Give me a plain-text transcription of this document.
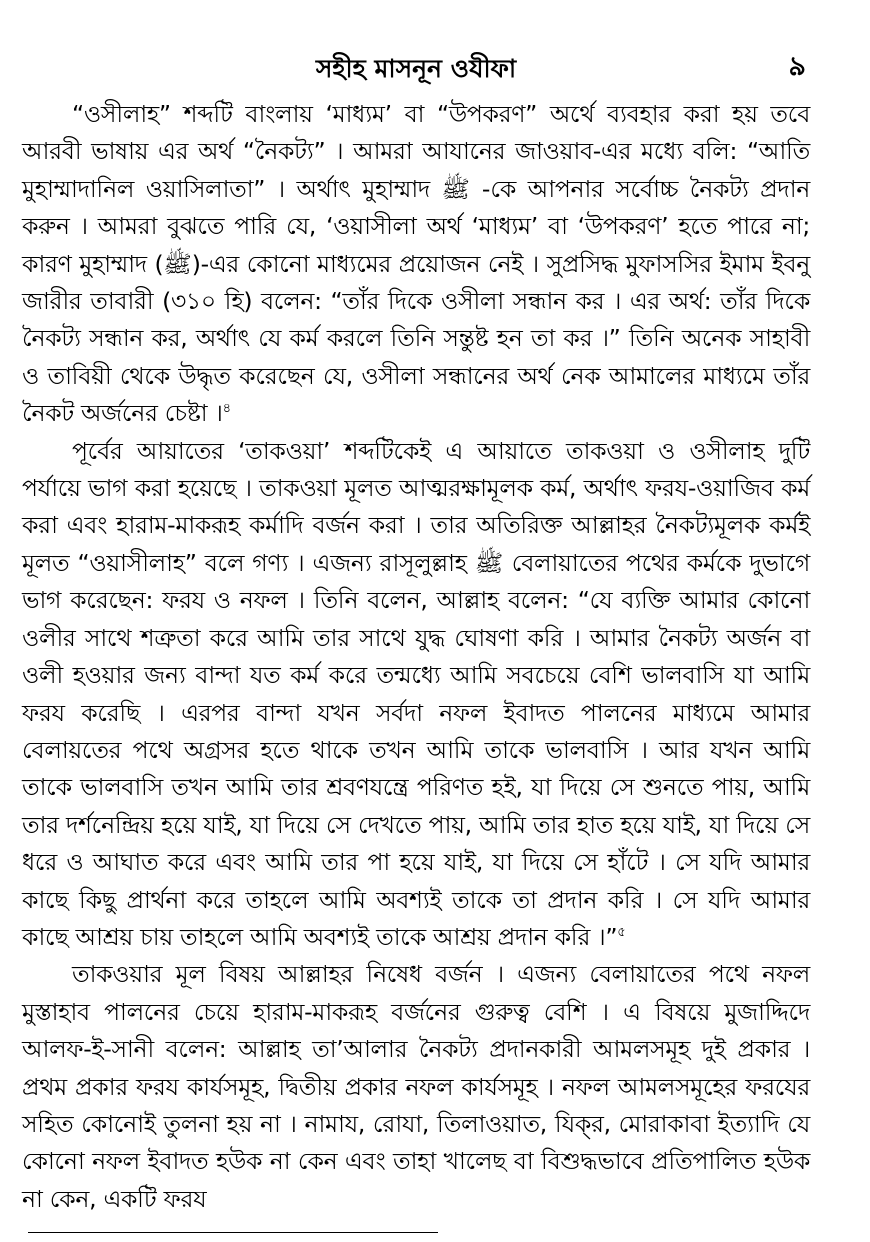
সহীহ মাসনূন ওযীফা	৯

“ওসীলাহ” শব্দটি বাংলায় ‘মাধ্যম’ বা “উপকরণ” অর্থে ব্যবহার করা হয় তবে আরবী ভাষায় এর অর্থ “নৈকট্য” । আমরা আযানের জাওয়াব-এর মধ্যে বলি: “আতি মুহাম্মাদানিল ওয়াসিলাতা” । অর্থাৎ মুহাম্মাদ ﷺ -কে আপনার সর্বোচ্চ নৈকট্য প্রদান করুন । আমরা বুঝতে পারি যে, ‘ওয়াসীলা অর্থ ‘মাধ্যম’ বা ‘উপকরণ’ হতে পারে না; কারণ মুহাম্মাদ (ﷺ)-এর কোনো মাধ্যমের প্রয়োজন নেই । সুপ্রসিদ্ধ মুফাসসির ইমাম ইবনু জারীর তাবারী (৩১০ হি) বলেন: “তাঁর দিকে ওসীলা সন্ধান কর । এর অর্থ: তাঁর দিকে নৈকট্য সন্ধান কর, অর্থাৎ যে কর্ম করলে তিনি সন্তুষ্ট হন তা কর ।” তিনি অনেক সাহাবী ও তাবিয়ী থেকে উদ্ধৃত করেছেন যে, ওসীলা সন্ধানের অর্থ নেক আমালের মাধ্যমে তাঁর নৈকট অর্জনের চেষ্টা ।$^৪$

পূর্বের আয়াতের ‘তাকওয়া’ শব্দটিকেই এ আয়াতে তাকওয়া ও ওসীলাহ দুটি পর্যায়ে ভাগ করা হয়েছে । তাকওয়া মূলত আত্মরক্ষামূলক কর্ম, অর্থাৎ ফরয-ওয়াজিব কর্ম করা এবং হারাম-মাকরূহ কর্মাদি বর্জন করা । তার অতিরিক্ত আল্লাহর নৈকট্যমূলক কর্মই মূলত “ওয়াসীলাহ” বলে গণ্য । এজন্য রাসূলুল্লাহ ﷺ বেলায়াতের পথের কর্মকে দুভাগে ভাগ করেছেন: ফরয ও নফল । তিনি বলেন, আল্লাহ বলেন: “যে ব্যক্তি আমার কোনো ওলীর সাথে শত্রুতা করে আমি তার সাথে যুদ্ধ ঘোষণা করি । আমার নৈকট্য অর্জন বা ওলী হওয়ার জন্য বান্দা যত কর্ম করে তন্মধ্যে আমি সবচেয়ে বেশি ভালবাসি যা আমি ফরয করেছি । এরপর বান্দা যখন সর্বদা নফল ইবাদত পালনের মাধ্যমে আমার বেলায়তের পথে অগ্রসর হতে থাকে তখন আমি তাকে ভালবাসি । আর যখন আমি তাকে ভালবাসি তখন আমি তার শ্রবণযন্ত্রে পরিণত হই, যা দিয়ে সে শুনতে পায়, আমি তার দর্শনেন্দ্রিয় হয়ে যাই, যা দিয়ে সে দেখতে পায়, আমি তার হাত হয়ে যাই, যা দিয়ে সে ধরে ও আঘাত করে এবং আমি তার পা হয়ে যাই, যা দিয়ে সে হাঁটে । সে যদি আমার কাছে কিছু প্রার্থনা করে তাহলে আমি অবশ্যই তাকে তা প্রদান করি । সে যদি আমার কাছে আশ্রয় চায় তাহলে আমি অবশ্যই তাকে আশ্রয় প্রদান করি ।”$^৫$

তাকওয়ার মূল বিষয় আল্লাহর নিষেধ বর্জন । এজন্য বেলায়াতের পথে নফল মুস্তাহাব পালনের চেয়ে হারাম-মাকরূহ বর্জনের গুরুত্ব বেশি । এ বিষয়ে মুজাদ্দিদে আলফ-ই-সানী বলেন: আল্লাহ তা’আলার নৈকট্য প্রদানকারী আমলসমূহ দুই প্রকার । প্রথম প্রকার ফরয কার্যসমূহ, দ্বিতীয় প্রকার নফল কার্যসমূহ । নফল আমলসমূহের ফরযের সহিত কোনোই তুলনা হয় না । নামায, রোযা, তিলাওয়াত, যিক্‌র, মোরাকাবা ইত্যাদি যে কোনো নফল ইবাদত হউক না কেন এবং তাহা খালেছ বা বিশুদ্ধভাবে প্রতিপালিত হউক না কেন, একটি ফরয
